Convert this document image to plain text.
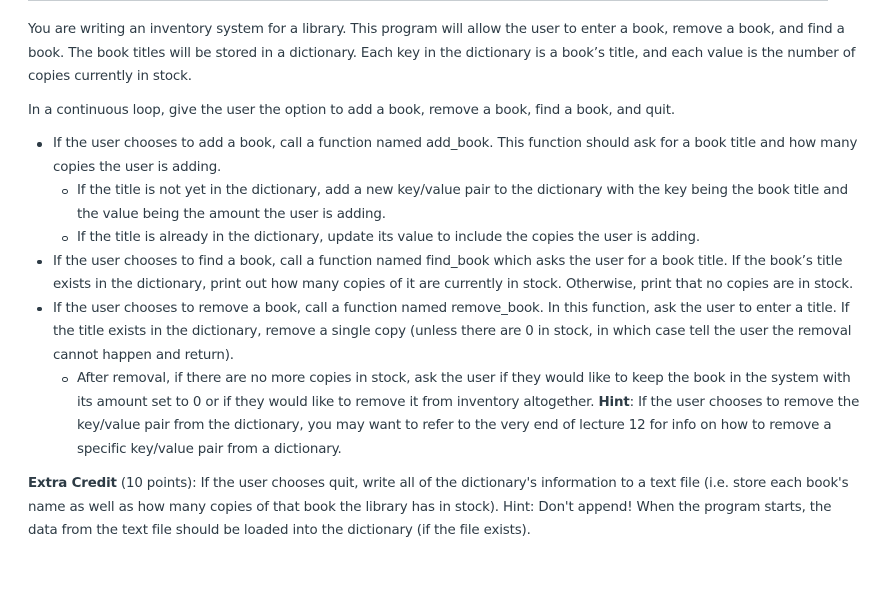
You are writing an inventory system for a library. This program will allow the user to enter a book, remove a book, and find a book. The book titles will be stored in a dictionary. Each key in the dictionary is a book’s title, and each value is the number of copies currently in stock.

In a continuous loop, give the user the option to add a book, remove a book, find a book, and quit.

If the user chooses to add a book, call a function named add_book. This function should ask for a book title and how many copies the user is adding.
If the title is not yet in the dictionary, add a new key/value pair to the dictionary with the key being the book title and the value being the amount the user is adding.
If the title is already in the dictionary, update its value to include the copies the user is adding.
If the user chooses to find a book, call a function named find_book which asks the user for a book title. If the book’s title exists in the dictionary, print out how many copies of it are currently in stock. Otherwise, print that no copies are in stock.
If the user chooses to remove a book, call a function named remove_book. In this function, ask the user to enter a title. If the title exists in the dictionary, remove a single copy (unless there are 0 in stock, in which case tell the user the removal cannot happen and return).
After removal, if there are no more copies in stock, ask the user if they would like to keep the book in the system with its amount set to 0 or if they would like to remove it from inventory altogether. Hint: If the user chooses to remove the key/value pair from the dictionary, you may want to refer to the very end of lecture 12 for info on how to remove a specific key/value pair from a dictionary.

Extra Credit (10 points): If the user chooses quit, write all of the dictionary's information to a text file (i.e. store each book's name as well as how many copies of that book the library has in stock). Hint: Don't append! When the program starts, the data from the text file should be loaded into the dictionary (if the file exists).
